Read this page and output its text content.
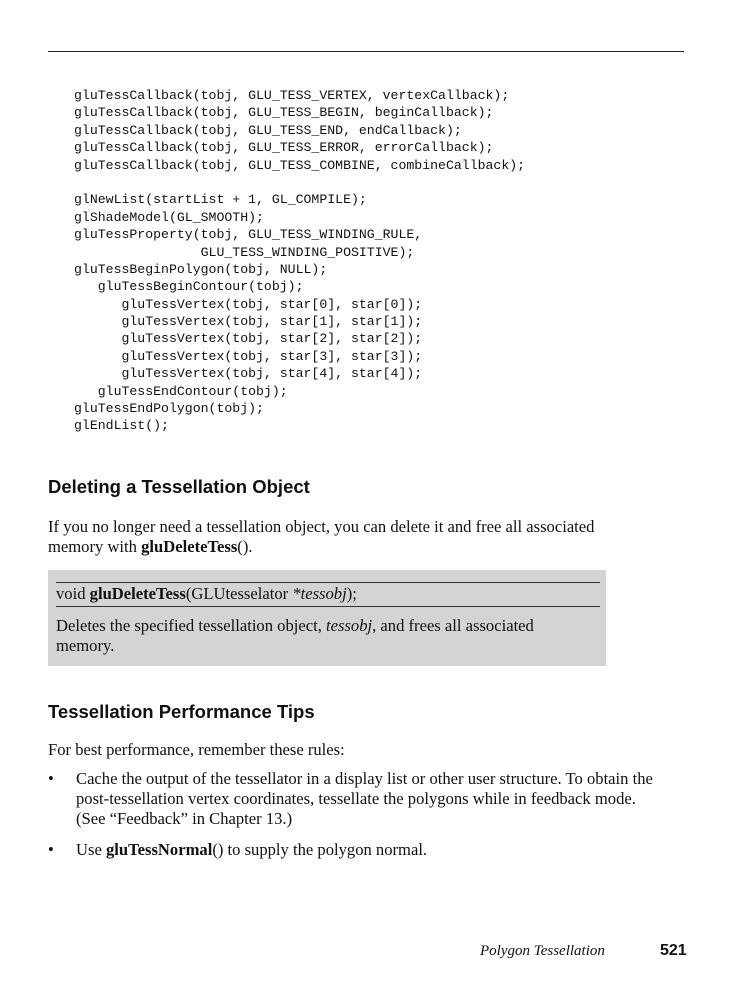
gluTessCallback(tobj, GLU_TESS_VERTEX, vertexCallback);
gluTessCallback(tobj, GLU_TESS_BEGIN, beginCallback);
gluTessCallback(tobj, GLU_TESS_END, endCallback);
gluTessCallback(tobj, GLU_TESS_ERROR, errorCallback);
gluTessCallback(tobj, GLU_TESS_COMBINE, combineCallback);
glNewList(startList + 1, GL_COMPILE);
glShadeModel(GL_SMOOTH);
gluTessProperty(tobj, GLU_TESS_WINDING_RULE,
GLU_TESS_WINDING_POSITIVE);
gluTessBeginPolygon(tobj, NULL);
gluTessBeginContour(tobj);
gluTessVertex(tobj, star[0], star[0]);
gluTessVertex(tobj, star[1], star[1]);
gluTessVertex(tobj, star[2], star[2]);
gluTessVertex(tobj, star[3], star[3]);
gluTessVertex(tobj, star[4], star[4]);
gluTessEndContour(tobj);
gluTessEndPolygon(tobj);
glEndList();
Deleting a Tessellation Object

If you no longer need a tessellation object, you can delete it and free all associated memory with gluDeleteTess().

void gluDeleteTess(GLUtesselator *tessobj);
Deletes the specified tessellation object, tessobj, and frees all associated memory.
Tessellation Performance Tips

For best performance, remember these rules:

• Cache the output of the tessellator in a display list or other user structure. To obtain the post-tessellation vertex coordinates, tessellate the polygons while in feedback mode. (See “Feedback” in Chapter 13.)
• Use gluTessNormal() to supply the polygon normal.
Polygon Tessellation	521
